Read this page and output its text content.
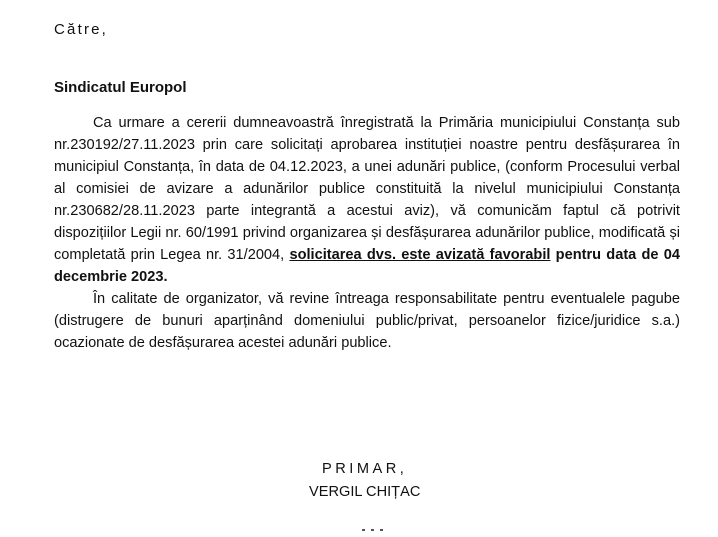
Către,
Sindicatul Europol

Ca urmare a cererii dumneavoastră înregistrată la Primăria municipiului Constanța sub nr.230192/27.11.2023 prin care solicitați aprobarea instituției noastre pentru desfășurarea în municipiul Constanța, în data de 04.12.2023, a unei adunări publice, (conform Procesului verbal al comisiei de avizare a adunărilor publice constituită la nivelul municipiului Constanța nr.230682/28.11.2023 parte integrantă a acestui aviz), vă comunicăm faptul că potrivit dispozițiilor Legii nr. 60/1991 privind organizarea și desfășurarea adunărilor publice, modificată și completată prin Legea nr. 31/2004, solicitarea dvs. este avizată favorabil pentru data de 04 decembrie 2023.

În calitate de organizator, vă revine întreaga responsabilitate pentru eventualele pagube (distrugere de bunuri aparținând domeniului public/privat, persoanelor fizice/juridice s.a.) ocazionate de desfășurarea acestei adunări publice.

PRIMAR,
VERGIL CHIȚAC
